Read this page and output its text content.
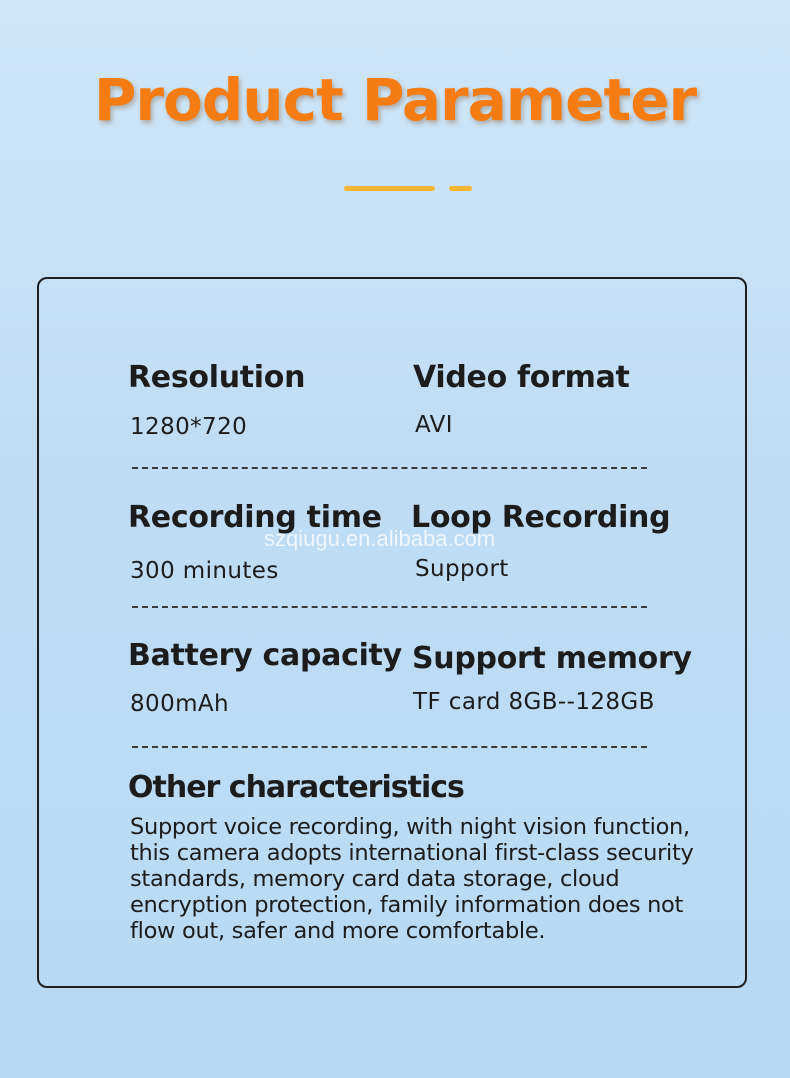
Product Parameter
Resolution
1280*720
Video format
AVI
Recording time
300 minutes
Loop Recording
Support
Battery capacity
800mAh
Support memory
TF card 8GB--128GB
Other characteristics
Support voice recording, with night vision function, this camera adopts international first-class security standards, memory card data storage, cloud encryption protection, family information does not flow out, safer and more comfortable.
szqiugu.en.alibaba.com
